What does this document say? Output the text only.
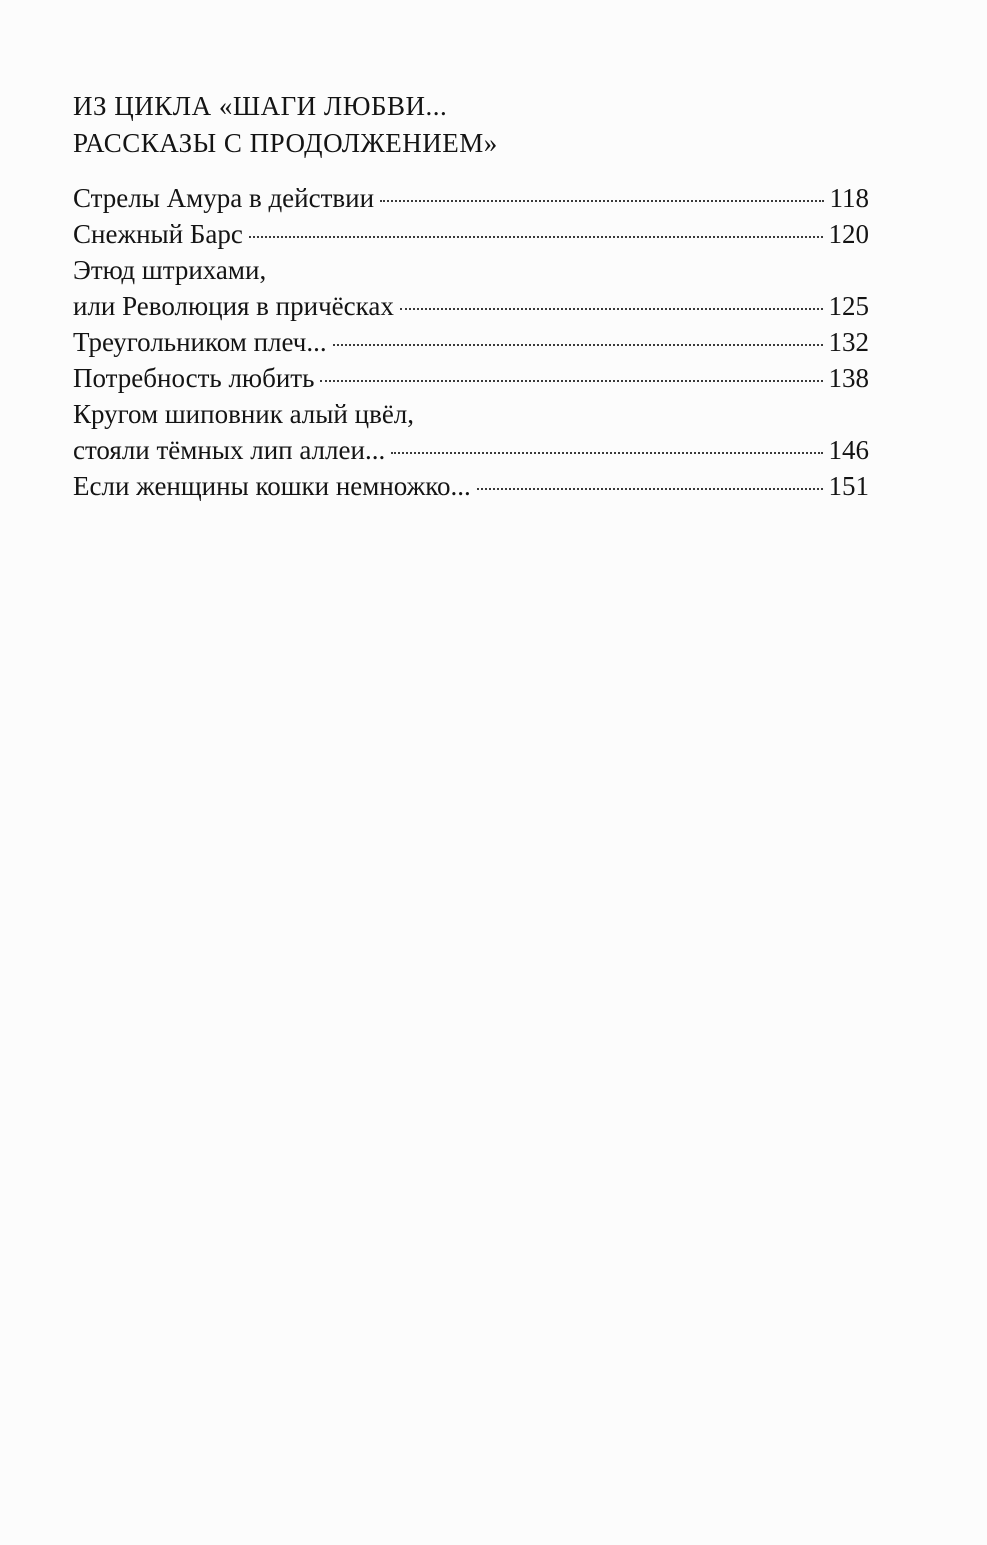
ИЗ ЦИКЛА «ШАГИ ЛЮБВИ...
РАССКАЗЫ С ПРОДОЛЖЕНИЕМ»
Стрелы Амура в действии	118
Снежный Барс	120
Этюд штрихами,
или Революция в причёсках	125
Треугольником плеч...	132
Потребность любить	138
Кругом шиповник алый цвёл,
стояли тёмных лип аллеи...	146
Если женщины кошки немножко...	151
